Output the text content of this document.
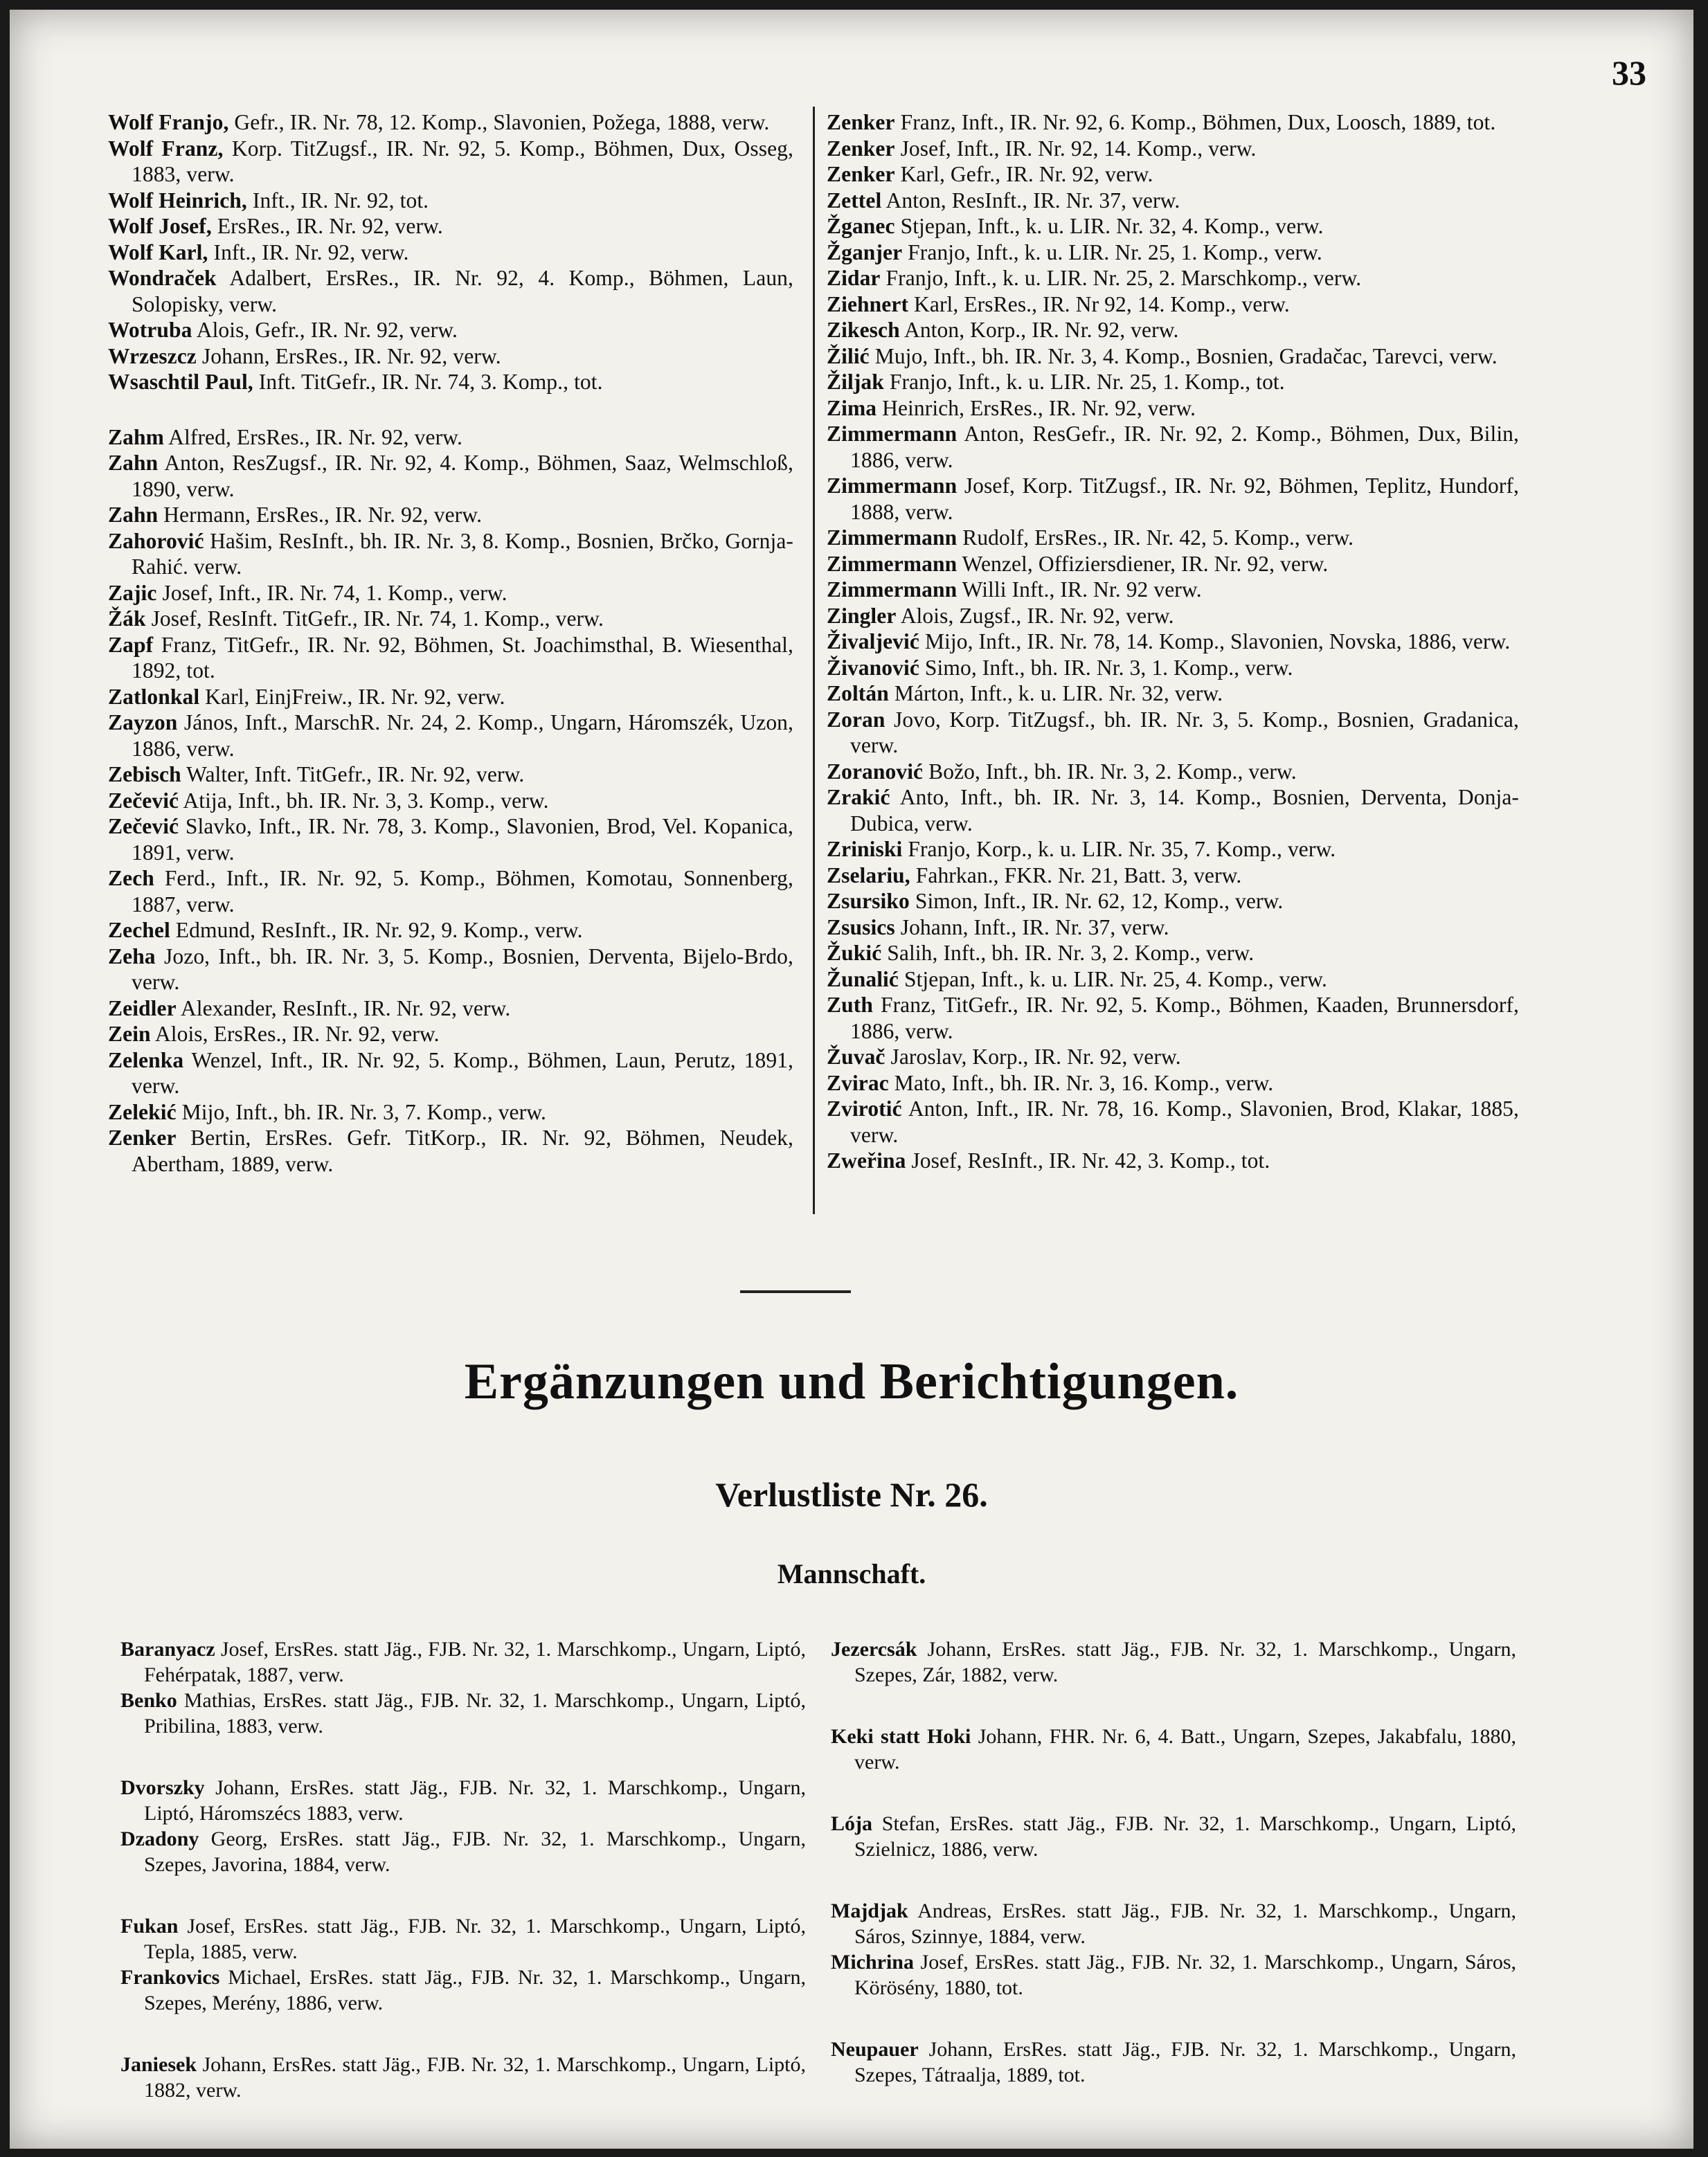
33
Wolf Franjo, Gefr., IR. Nr. 78, 12. Komp., Slavonien, Požega, 1888, verw.
Wolf Franz, Korp. TitZugsf., IR. Nr. 92, 5. Komp., Böhmen, Dux, Osseg, 1883, verw.
Wolf Heinrich, Inft., IR. Nr. 92, tot.
Wolf Josef, ErsRes., IR. Nr. 92, verw.
Wolf Karl, Inft., IR. Nr. 92, verw.
Wondraček Adalbert, ErsRes., IR. Nr. 92, 4. Komp., Böhmen, Laun, Solopisky, verw.
Wotruba Alois, Gefr., IR. Nr. 92, verw.
Wrzeszcz Johann, ErsRes., IR. Nr. 92, verw.
Wsaschtil Paul, Inft. TitGefr., IR. Nr. 74, 3. Komp., tot.
Zahm Alfred, ErsRes., IR. Nr. 92, verw.
Zahn Anton, ResZugsf., IR. Nr. 92, 4. Komp., Böhmen, Saaz, Welmschloß, 1890, verw.
Zahn Hermann, ErsRes., IR. Nr. 92, verw.
Zahorović Hašim, ResInft., bh. IR. Nr. 3, 8. Komp., Bosnien, Brčko, Gornja-Rahić. verw.
Zajic Josef, Inft., IR. Nr. 74, 1. Komp., verw.
Žák Josef, ResInft. TitGefr., IR. Nr. 74, 1. Komp., verw.
Zapf Franz, TitGefr., IR. Nr. 92, Böhmen, St. Joachimsthal, B. Wiesenthal, 1892, tot.
Zatlonkal Karl, EinjFreiw., IR. Nr. 92, verw.
Zayzon János, Inft., MarschR. Nr. 24, 2. Komp., Ungarn, Háromszék, Uzon, 1886, verw.
Zebisch Walter, Inft. TitGefr., IR. Nr. 92, verw.
Zečević Atija, Inft., bh. IR. Nr. 3, 3. Komp., verw.
Zečević Slavko, Inft., IR. Nr. 78, 3. Komp., Slavonien, Brod, Vel. Kopanica, 1891, verw.
Zech Ferd., Inft., IR. Nr. 92, 5. Komp., Böhmen, Komotau, Sonnenberg, 1887, verw.
Zechel Edmund, ResInft., IR. Nr. 92, 9. Komp., verw.
Zeha Jozo, Inft., bh. IR. Nr. 3, 5. Komp., Bosnien, Derventa, Bijelo-Brdo, verw.
Zeidler Alexander, ResInft., IR. Nr. 92, verw.
Zein Alois, ErsRes., IR. Nr. 92, verw.
Zelenka Wenzel, Inft., IR. Nr. 92, 5. Komp., Böhmen, Laun, Perutz, 1891, verw.
Zelekić Mijo, Inft., bh. IR. Nr. 3, 7. Komp., verw.
Zenker Bertin, ErsRes. Gefr. TitKorp., IR. Nr. 92, Böhmen, Neudek, Abertham, 1889, verw.
Zenker Franz, Inft., IR. Nr. 92, 6. Komp., Böhmen, Dux, Loosch, 1889, tot.
Zenker Josef, Inft., IR. Nr. 92, 14. Komp., verw.
Zenker Karl, Gefr., IR. Nr. 92, verw.
Zettel Anton, ResInft., IR. Nr. 37, verw.
Žganec Stjepan, Inft., k. u. LIR. Nr. 32, 4. Komp., verw.
Žganjer Franjo, Inft., k. u. LIR. Nr. 25, 1. Komp., verw.
Zidar Franjo, Inft., k. u. LIR. Nr. 25, 2. Marschkomp., verw.
Ziehnert Karl, ErsRes., IR. Nr 92, 14. Komp., verw.
Zikesch Anton, Korp., IR. Nr. 92, verw.
Žilić Mujo, Inft., bh. IR. Nr. 3, 4. Komp., Bosnien, Gradačac, Tarevci, verw.
Žiljak Franjo, Inft., k. u. LIR. Nr. 25, 1. Komp., tot.
Zima Heinrich, ErsRes., IR. Nr. 92, verw.
Zimmermann Anton, ResGefr., IR. Nr. 92, 2. Komp., Böhmen, Dux, Bilin, 1886, verw.
Zimmermann Josef, Korp. TitZugsf., IR. Nr. 92, Böhmen, Teplitz, Hundorf, 1888, verw.
Zimmermann Rudolf, ErsRes., IR. Nr. 42, 5. Komp., verw.
Zimmermann Wenzel, Offiziersdiener, IR. Nr. 92, verw.
Zimmermann Willi Inft., IR. Nr. 92 verw.
Zingler Alois, Zugsf., IR. Nr. 92, verw.
Živaljević Mijo, Inft., IR. Nr. 78, 14. Komp., Slavonien, Novska, 1886, verw.
Živanović Simo, Inft., bh. IR. Nr. 3, 1. Komp., verw.
Zoltán Márton, Inft., k. u. LIR. Nr. 32, verw.
Zoran Jovo, Korp. TitZugsf., bh. IR. Nr. 3, 5. Komp., Bosnien, Gradanica, verw.
Zoranović Božo, Inft., bh. IR. Nr. 3, 2. Komp., verw.
Zrakić Anto, Inft., bh. IR. Nr. 3, 14. Komp., Bosnien, Derventa, Donja-Dubica, verw.
Zriniski Franjo, Korp., k. u. LIR. Nr. 35, 7. Komp., verw.
Zselariu, Fahrkan., FKR. Nr. 21, Batt. 3, verw.
Zsursiko Simon, Inft., IR. Nr. 62, 12, Komp., verw.
Zsusics Johann, Inft., IR. Nr. 37, verw.
Žukić Salih, Inft., bh. IR. Nr. 3, 2. Komp., verw.
Žunalić Stjepan, Inft., k. u. LIR. Nr. 25, 4. Komp., verw.
Zuth Franz, TitGefr., IR. Nr. 92, 5. Komp., Böhmen, Kaaden, Brunnersdorf, 1886, verw.
Žuvač Jaroslav, Korp., IR. Nr. 92, verw.
Zvirac Mato, Inft., bh. IR. Nr. 3, 16. Komp., verw.
Zvirotić Anton, Inft., IR. Nr. 78, 16. Komp., Slavonien, Brod, Klakar, 1885, verw.
Zweřina Josef, ResInft., IR. Nr. 42, 3. Komp., tot.
Ergänzungen und Berichtigungen.
Verlustliste Nr. 26.
Mannschaft.
Baranyacz Josef, ErsRes. statt Jäg., FJB. Nr. 32, 1. Marschkomp., Ungarn, Liptó, Fehérpatak, 1887, verw.
Benko Mathias, ErsRes. statt Jäg., FJB. Nr. 32, 1. Marschkomp., Ungarn, Liptó, Pribilina, 1883, verw.
Dvorszky Johann, ErsRes. statt Jäg., FJB. Nr. 32, 1. Marschkomp., Ungarn, Liptó, Háromszécs 1883, verw.
Dzadony Georg, ErsRes. statt Jäg., FJB. Nr. 32, 1. Marschkomp., Ungarn, Szepes, Javorina, 1884, verw.
Fukan Josef, ErsRes. statt Jäg., FJB. Nr. 32, 1. Marschkomp., Ungarn, Liptó, Tepla, 1885, verw.
Frankovics Michael, ErsRes. statt Jäg., FJB. Nr. 32, 1. Marschkomp., Ungarn, Szepes, Merény, 1886, verw.
Janiesek Johann, ErsRes. statt Jäg., FJB. Nr. 32, 1. Marschkomp., Ungarn, Liptó, 1882, verw.
Jezercsák Johann, ErsRes. statt Jäg., FJB. Nr. 32, 1. Marschkomp., Ungarn, Szepes, Zár, 1882, verw.
Keki statt Hoki Johann, FHR. Nr. 6, 4. Batt., Ungarn, Szepes, Jakabfalu, 1880, verw.
Lója Stefan, ErsRes. statt Jäg., FJB. Nr. 32, 1. Marschkomp., Ungarn, Liptó, Szielnicz, 1886, verw.
Majdjak Andreas, ErsRes. statt Jäg., FJB. Nr. 32, 1. Marschkomp., Ungarn, Sáros, Szinnye, 1884, verw.
Michrina Josef, ErsRes. statt Jäg., FJB. Nr. 32, 1. Marschkomp., Ungarn, Sáros, Körösény, 1880, tot.
Neupauer Johann, ErsRes. statt Jäg., FJB. Nr. 32, 1. Marschkomp., Ungarn, Szepes, Tátraalja, 1889, tot.
